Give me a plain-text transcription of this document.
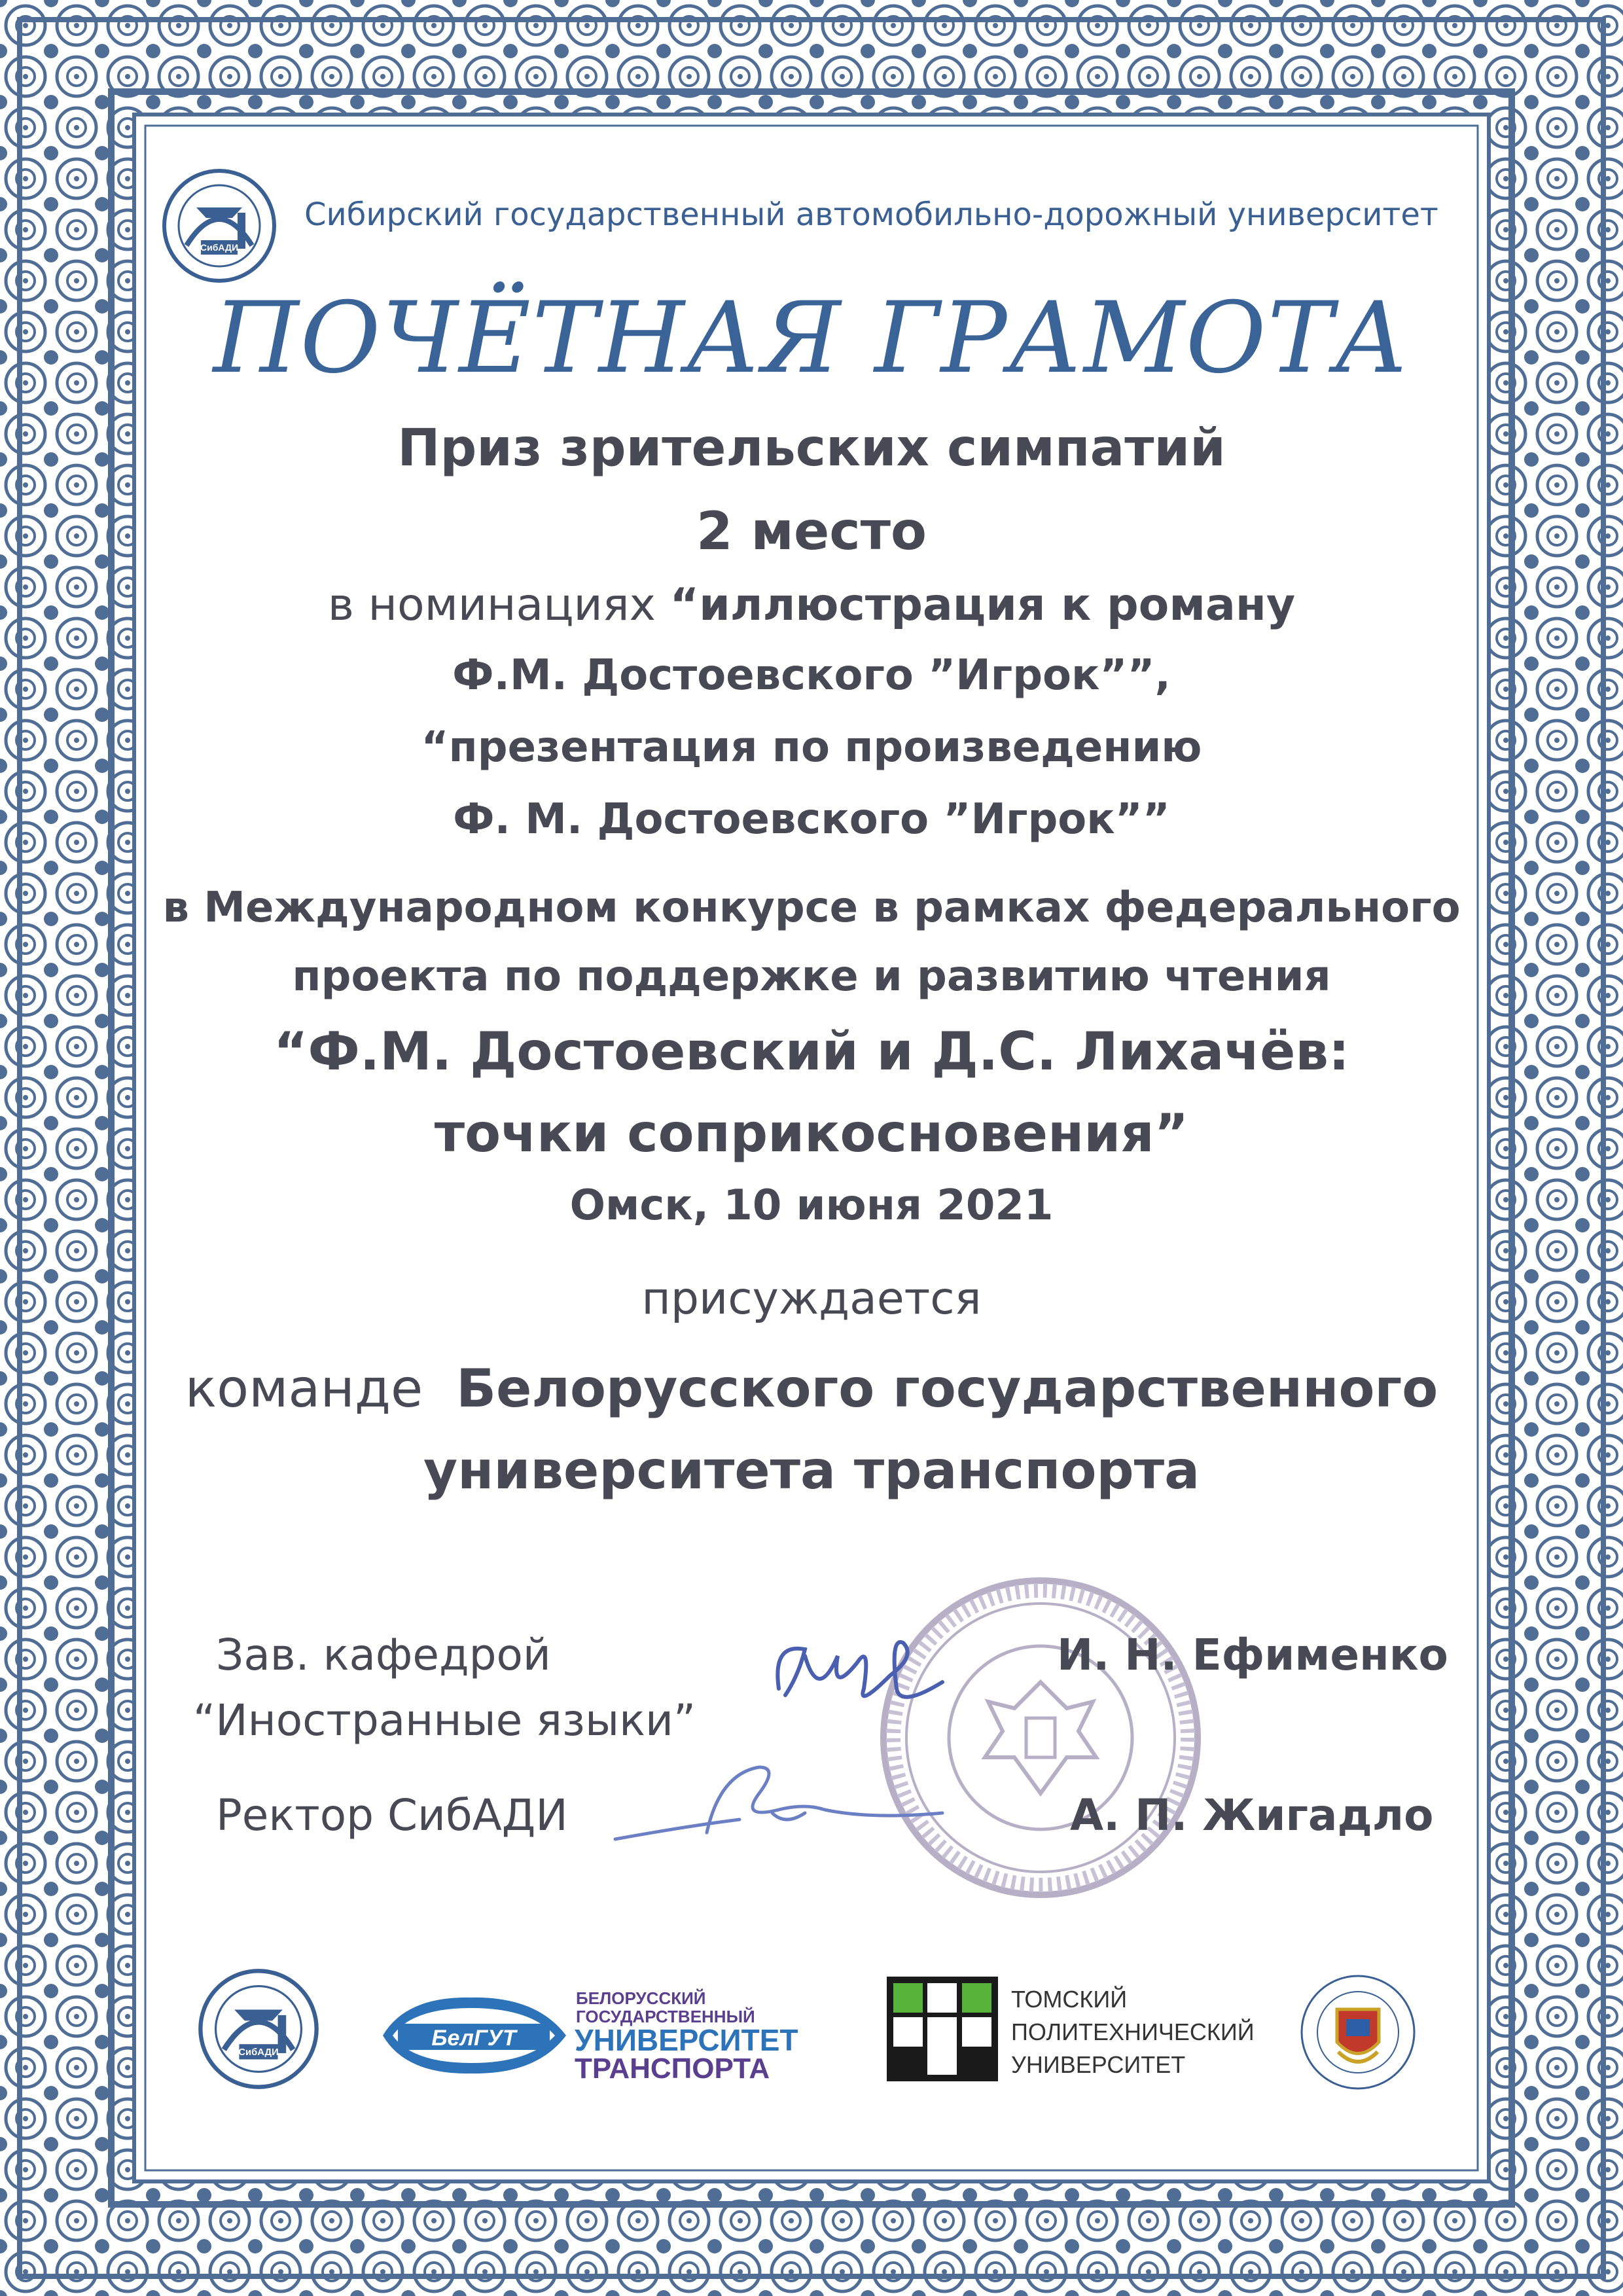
СибАДИ
Сибирский государственный автомобильно-дорожный университет
ПОЧЁТНАЯ ГРАМОТА
Приз зрительских симпатий
2 место
в номинациях “иллюстрация к роману
Ф.М. Достоевского ”Игрок””,
“презентация по произведению
Ф. М. Достоевского ”Игрок””
в Международном конкурсе в рамках федерального
проекта по поддержке и развитию чтения
“Ф.М. Достоевский и Д.С. Лихачёв:
точки соприкосновения”
Омск, 10 июня 2021
присуждается
команде Белорусского государственного
университета транспорта
Зав. кафедрой
“Иностранные языки”
И. Н. Ефименко
Ректор СибАДИ	А. П. Жигадло
СибАДИ
БелГУТ
БЕЛОРУССКИЙ
ГОСУДАРСТВЕННЫЙ
УНИВЕРСИТЕТ
ТРАНСПОРТА
ТОМСКИЙ
ПОЛИТЕХНИЧЕСКИЙ
УНИВЕРСИТЕТ
